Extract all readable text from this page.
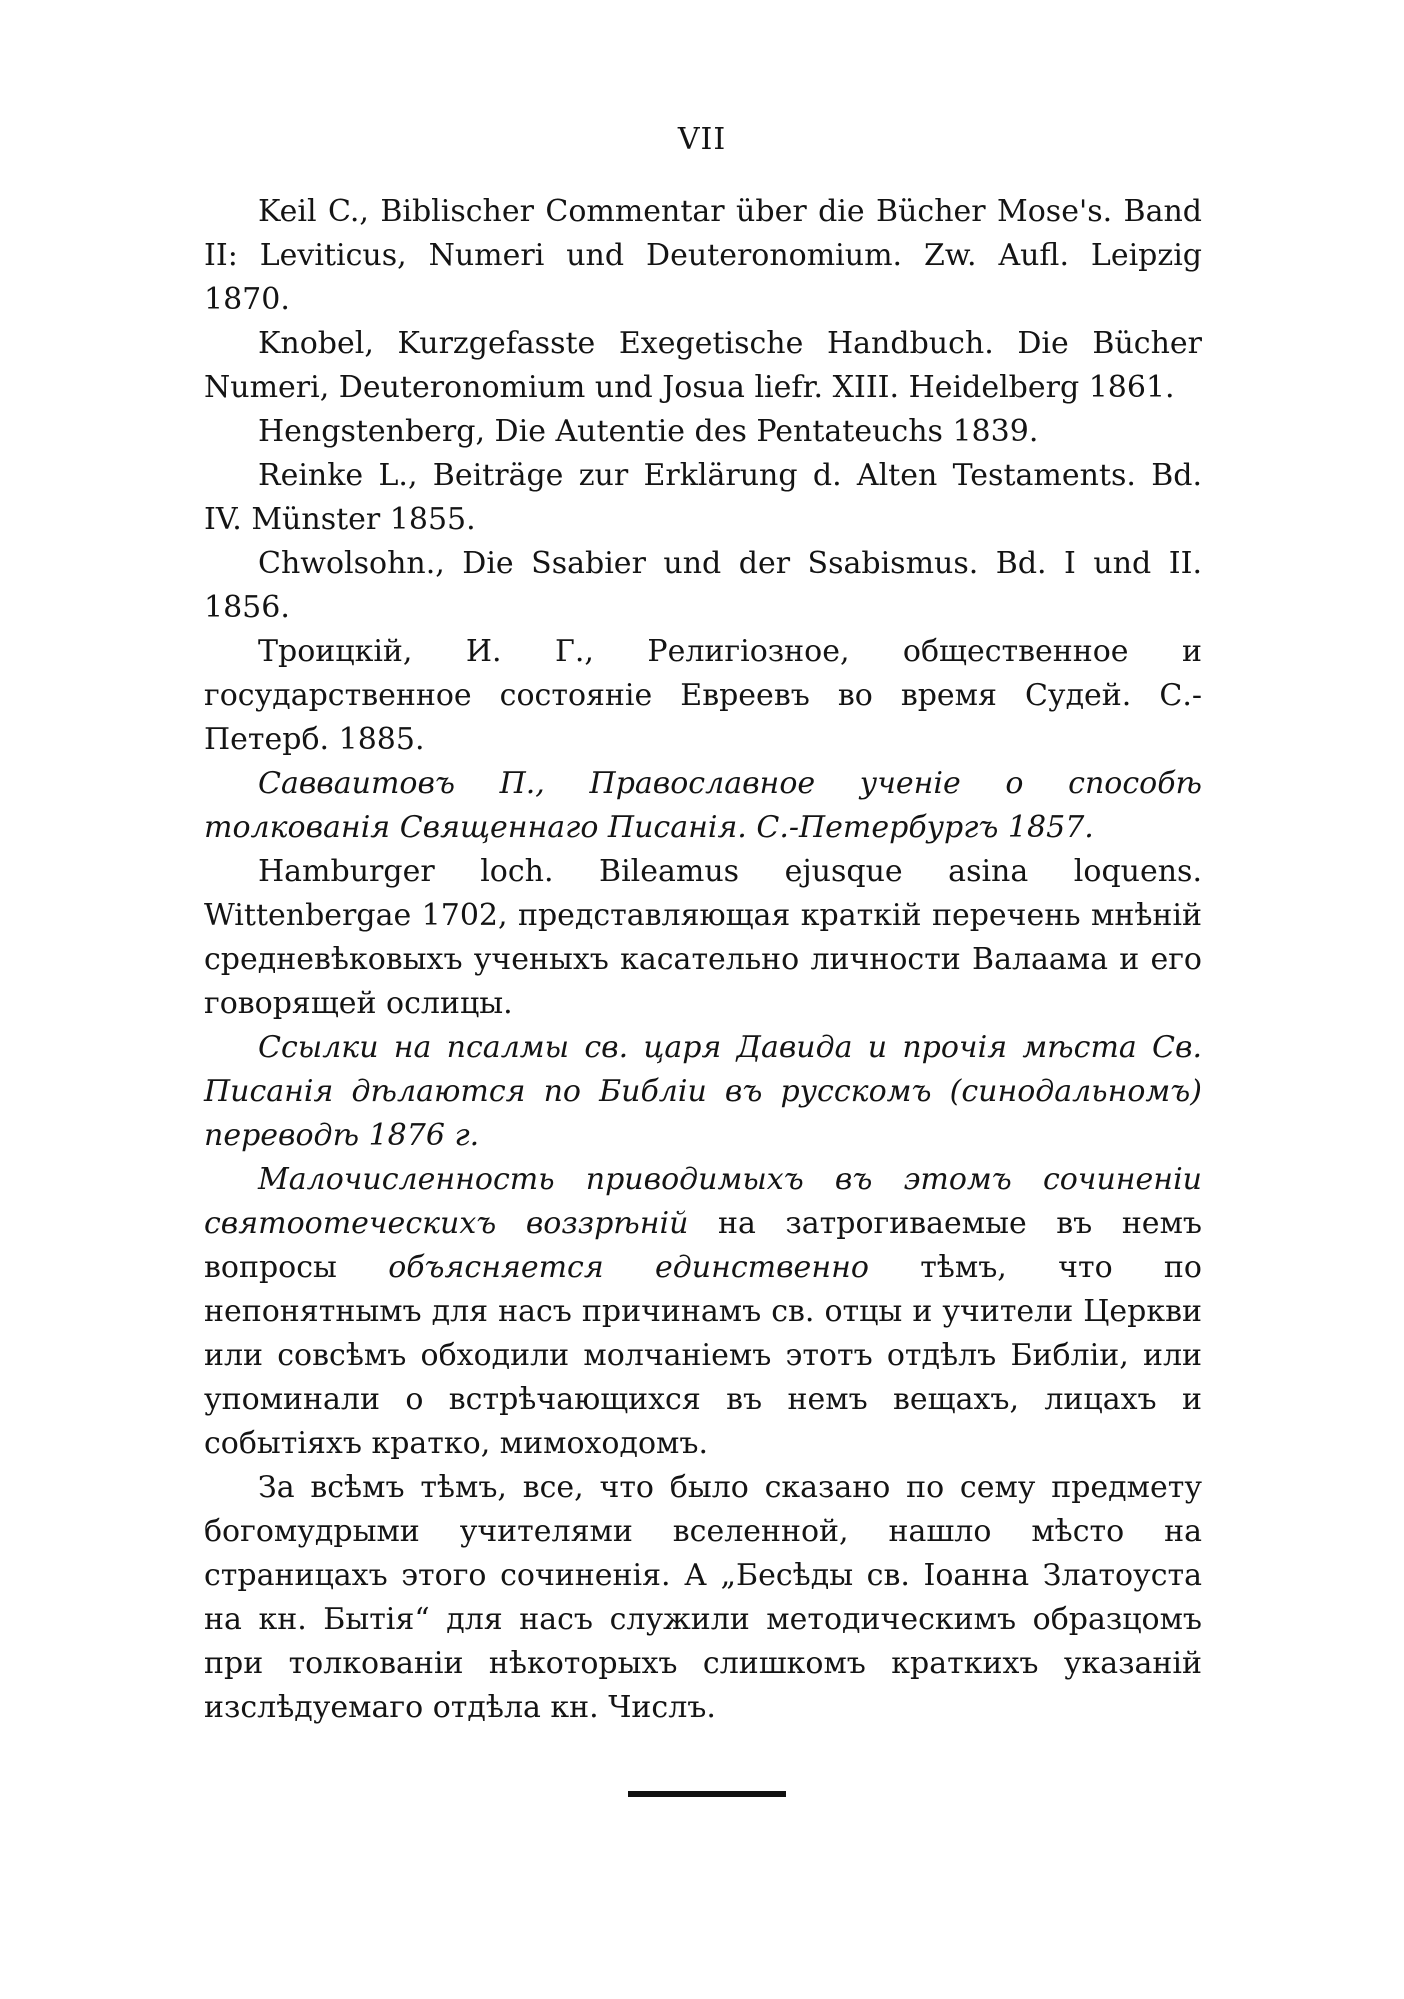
VII

Keil C., Biblischer Commentar über die Bücher Mose's. Band II: Leviticus, Numeri und Deuteronomium. Zw. Aufl. Leipzig 1870.

Knobel, Kurzgefasste Exegetische Handbuch. Die Bücher Numeri, Deuteronomium und Josua liefr. XIII. Heidelberg 1861.

Hengstenberg, Die Autentie des Pentateuchs 1839.

Reinke L., Beiträge zur Erklärung d. Alten Testaments. Bd. IV. Münster 1855.

Chwolsohn., Die Ssabier und der Ssabismus. Bd. I und II. 1856.

Троицкій, И. Г., Религіозное, общественное и государственное состояніе Евреевъ во время Судей. С.-Петерб. 1885.

Савваитовъ П., Православное ученіе о способѣ толкованія Священнаго Писанія. С.-Петербургъ 1857.

Hamburger loch. Bileamus ejusque asina loquens. Wittenbergae 1702, представляющая краткій перечень мнѣній средневѣковыхъ ученыхъ касательно личности Валаама и его говорящей ослицы.

Ссылки на псалмы св. царя Давида и прочія мѣста Св. Писанія дѣлаются по Библіи въ русскомъ (синодальномъ) переводѣ 1876 г.

Малочисленность приводимыхъ въ этомъ сочиненіи святоотеческихъ воззрѣній на затрогиваемые въ немъ вопросы объясняется единственно тѣмъ, что по непонятнымъ для насъ причинамъ св. отцы и учители Церкви или совсѣмъ обходили молчаніемъ этотъ отдѣлъ Библіи, или упоминали о встрѣчающихся въ немъ вещахъ, лицахъ и событіяхъ кратко, мимоходомъ.

За всѣмъ тѣмъ, все, что было сказано по сему предмету богомудрыми учителями вселенной, нашло мѣсто на страницахъ этого сочиненія. А „Бесѣды св. Іоанна Златоуста на кн. Бытія“ для насъ служили методическимъ образцомъ при толкованіи нѣкоторыхъ слишкомъ краткихъ указаній изслѣдуемаго отдѣла кн. Числъ.
